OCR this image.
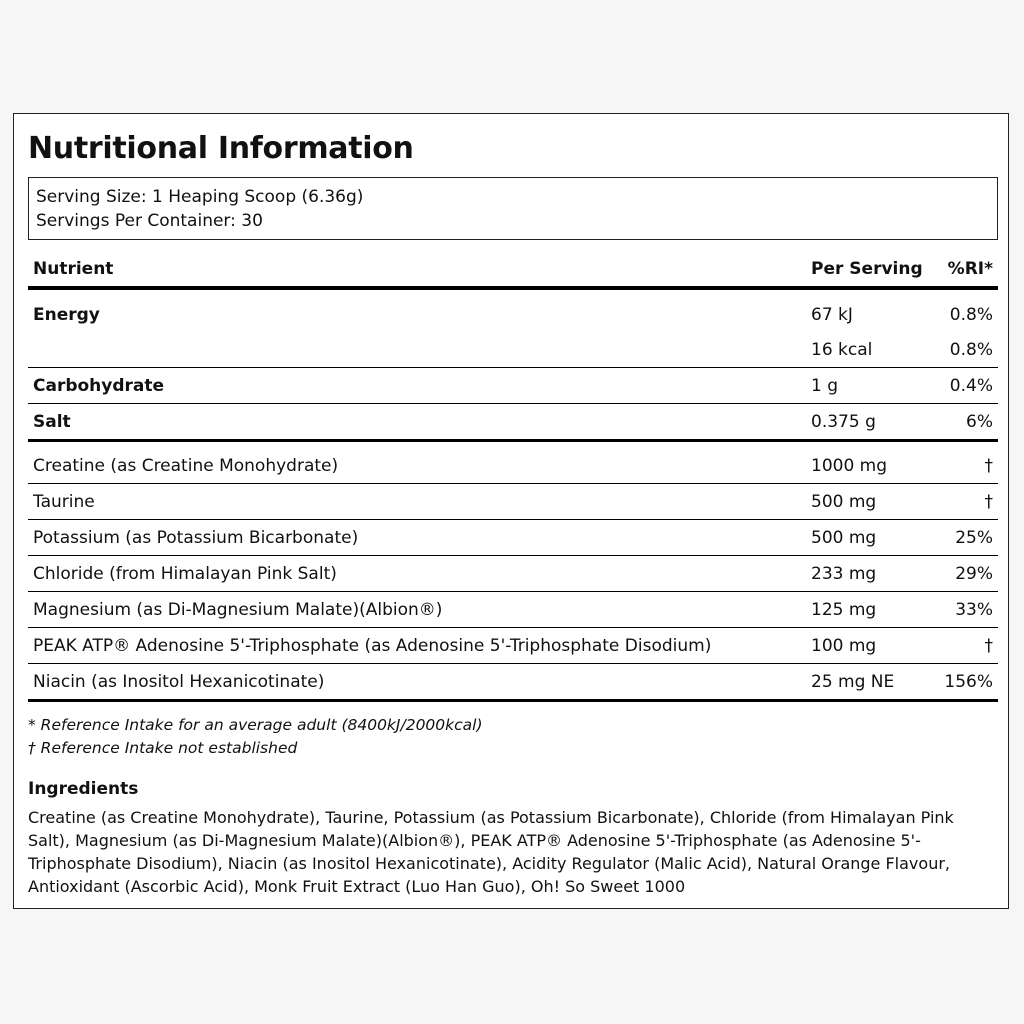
Nutritional Information
Serving Size: 1 Heaping Scoop (6.36g)
Servings Per Container: 30
Nutrient	Per Serving	%RI*
Energy	67 kJ	0.8%
	16 kcal	0.8%
Carbohydrate	1 g	0.4%
Salt	0.375 g	6%
Creatine (as Creatine Monohydrate)	1000 mg	†
Taurine	500 mg	†
Potassium (as Potassium Bicarbonate)	500 mg	25%
Chloride (from Himalayan Pink Salt)	233 mg	29%
Magnesium (as Di-Magnesium Malate)(Albion®)	125 mg	33%
PEAK ATP® Adenosine 5'-Triphosphate (as Adenosine 5'-Triphosphate Disodium)	100 mg	†
Niacin (as Inositol Hexanicotinate)	25 mg NE	156%
* Reference Intake for an average adult (8400kJ/2000kcal)
† Reference Intake not established
Ingredients
Creatine (as Creatine Monohydrate), Taurine, Potassium (as Potassium Bicarbonate), Chloride (from Himalayan Pink Salt), Magnesium (as Di-Magnesium Malate)(Albion®), PEAK ATP® Adenosine 5'-Triphosphate (as Adenosine 5'-Triphosphate Disodium), Niacin (as Inositol Hexanicotinate), Acidity Regulator (Malic Acid), Natural Orange Flavour, Antioxidant (Ascorbic Acid), Monk Fruit Extract (Luo Han Guo), Oh! So Sweet 1000
